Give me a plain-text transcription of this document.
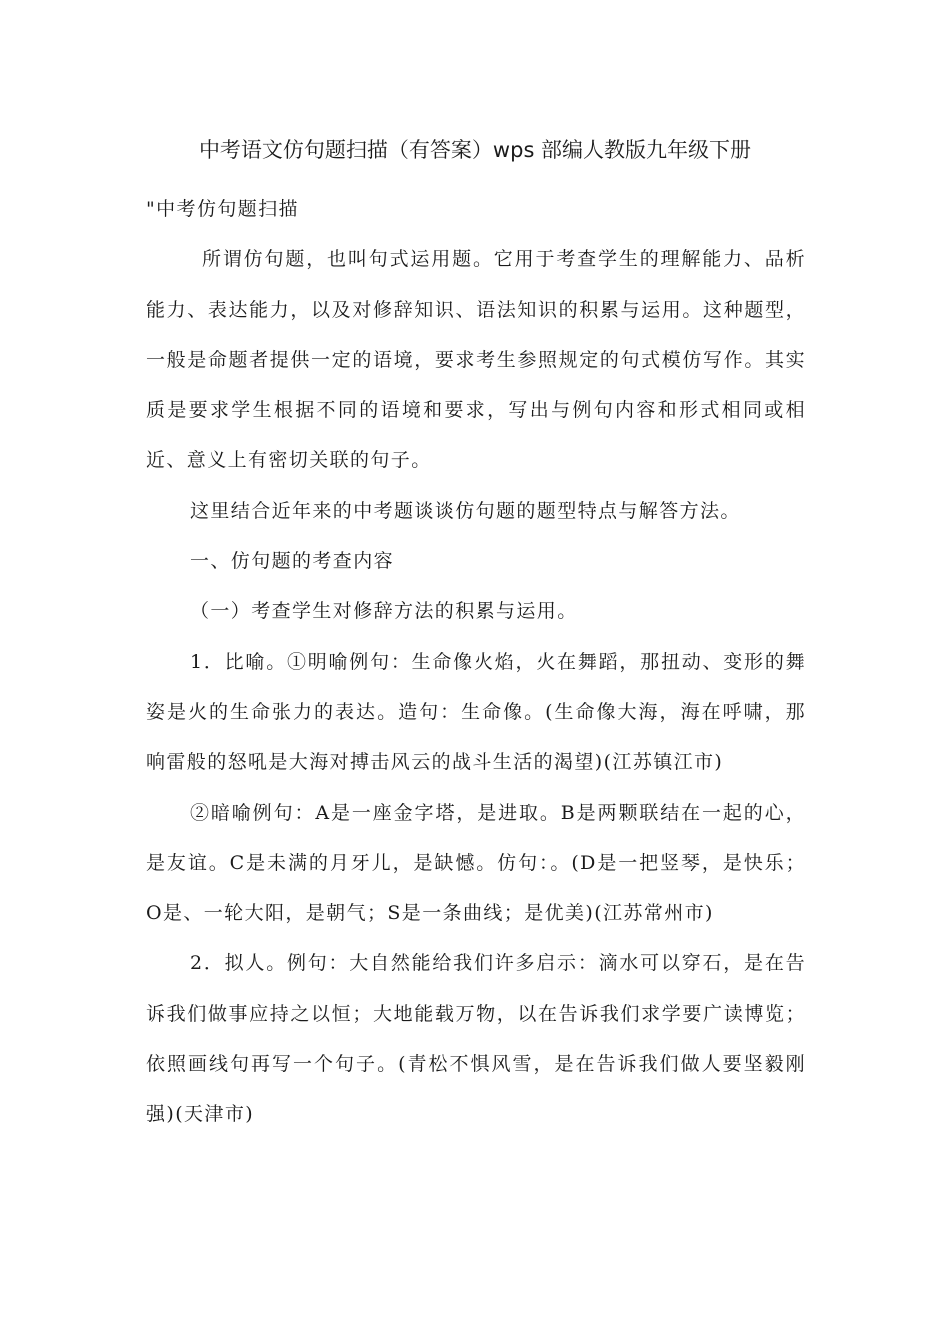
中考语文仿句题扫描（有答案）wps 部编人教版九年级下册

"中考仿句题扫描

所谓仿句题，也叫句式运用题。它用于考查学生的理解能力、品析能力、表达能力，以及对修辞知识、语法知识的积累与运用。这种题型，一般是命题者提供一定的语境，要求考生参照规定的句式模仿写作。其实质是要求学生根据不同的语境和要求，写出与例句内容和形式相同或相近、意义上有密切关联的句子。

这里结合近年来的中考题谈谈仿句题的题型特点与解答方法。

一、仿句题的考查内容

（一）考查学生对修辞方法的积累与运用。

1．比喻。①明喻例句：生命像火焰，火在舞蹈，那扭动、变形的舞姿是火的生命张力的表达。造句：生命像。(生命像大海，海在呼啸，那响雷般的怒吼是大海对搏击风云的战斗生活的渴望)(江苏镇江市)

②暗喻例句：A是一座金字塔，是进取。B是两颗联结在一起的心，是友谊。C是未满的月牙儿，是缺憾。仿句：。(D是一把竖琴，是快乐；O是、一轮大阳，是朝气；S是一条曲线；是优美)(江苏常州市)

2．拟人。例句：大自然能给我们许多启示：滴水可以穿石，是在告诉我们做事应持之以恒；大地能载万物，以在告诉我们求学要广读博览；依照画线句再写一个句子。(青松不惧风雪，是在告诉我们做人要坚毅刚强)(天津市)
